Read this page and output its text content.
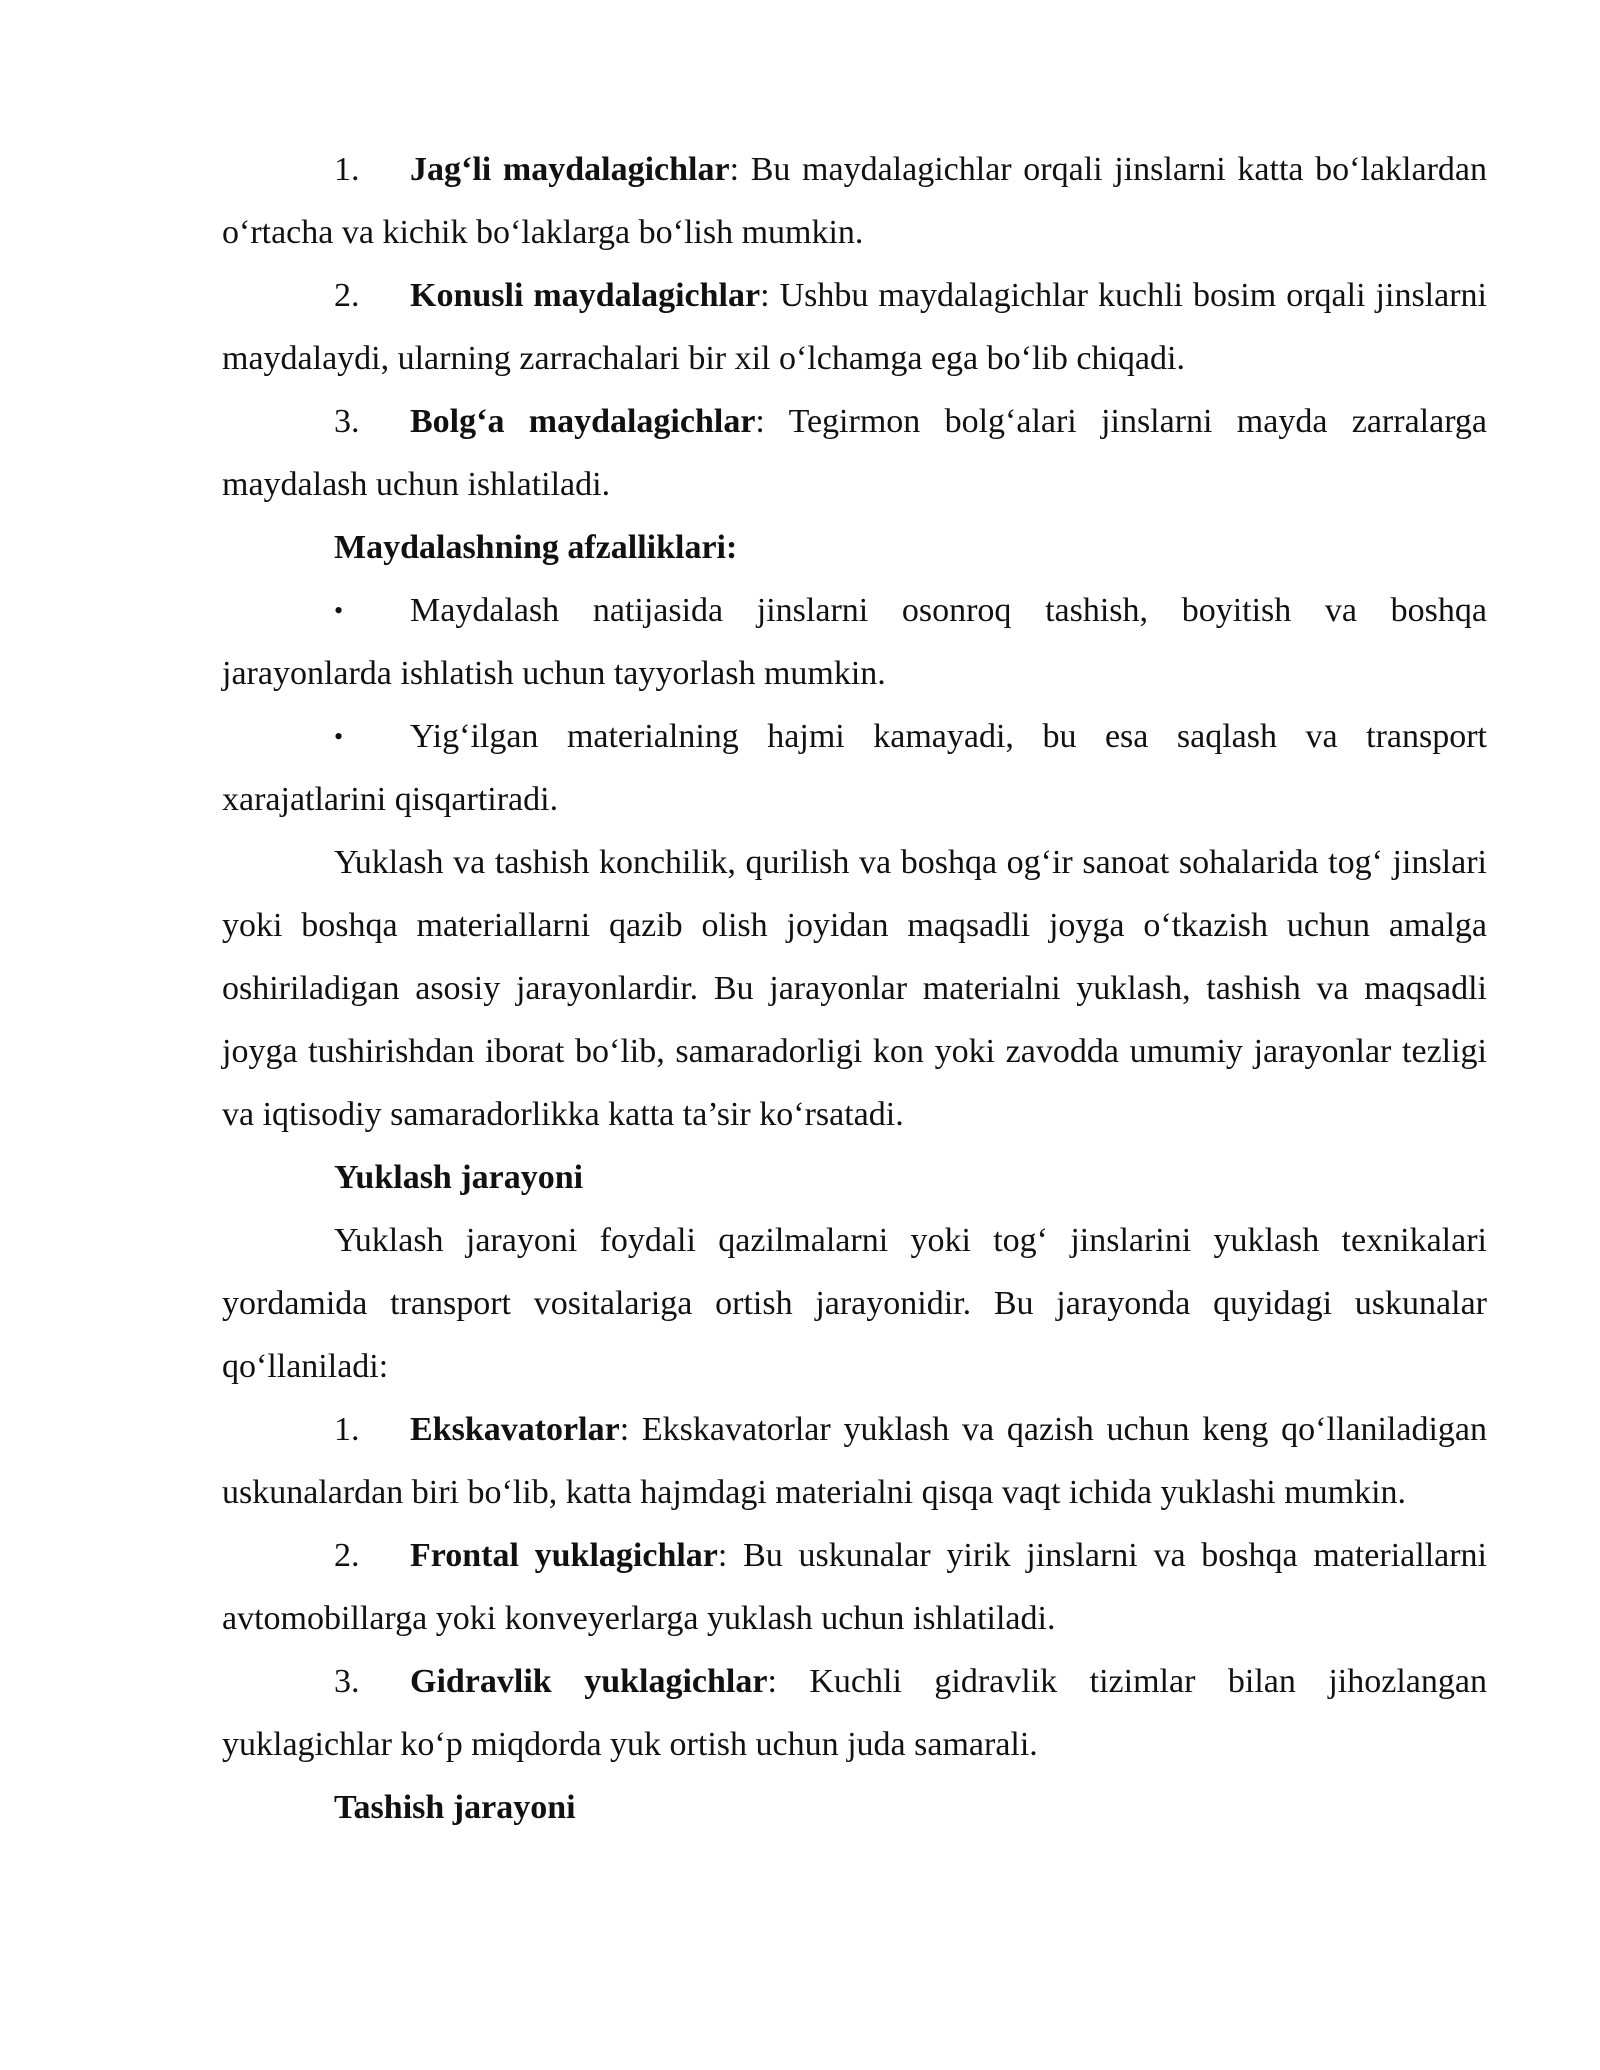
1. Jag‘li maydalagichlar: Bu maydalagichlar orqali jinslarni katta bo‘laklardan o‘rtacha va kichik bo‘laklarga bo‘lish mumkin.

2. Konusli maydalagichlar: Ushbu maydalagichlar kuchli bosim orqali jinslarni maydalaydi, ularning zarrachalari bir xil o‘lchamga ega bo‘lib chiqadi.

3. Bolg‘a maydalagichlar: Tegirmon bolg‘alari jinslarni mayda zarralarga maydalash uchun ishlatiladi.

Maydalashning afzalliklari:

• Maydalash natijasida jinslarni osonroq tashish, boyitish va boshqa jarayonlarda ishlatish uchun tayyorlash mumkin.

• Yig‘ilgan materialning hajmi kamayadi, bu esa saqlash va transport xarajatlarini qisqartiradi.

Yuklash va tashish konchilik, qurilish va boshqa og‘ir sanoat sohalarida tog‘ jinslari yoki boshqa materiallarni qazib olish joyidan maqsadli joyga o‘tkazish uchun amalga oshiriladigan asosiy jarayonlardir. Bu jarayonlar materialni yuklash, tashish va maqsadli joyga tushirishdan iborat bo‘lib, samaradorligi kon yoki zavodda umumiy jarayonlar tezligi va iqtisodiy samaradorlikka katta ta’sir ko‘rsatadi.

Yuklash jarayoni

Yuklash jarayoni foydali qazilmalarni yoki tog‘ jinslarini yuklash texnikalari yordamida transport vositalariga ortish jarayonidir. Bu jarayonda quyidagi uskunalar qo‘llaniladi:

1. Ekskavatorlar: Ekskavatorlar yuklash va qazish uchun keng qo‘llaniladigan uskunalardan biri bo‘lib, katta hajmdagi materialni qisqa vaqt ichida yuklashi mumkin.

2. Frontal yuklagichlar: Bu uskunalar yirik jinslarni va boshqa materiallarni avtomobillarga yoki konveyerlarga yuklash uchun ishlatiladi.

3. Gidravlik yuklagichlar: Kuchli gidravlik tizimlar bilan jihozlangan yuklagichlar ko‘p miqdorda yuk ortish uchun juda samarali.

Tashish jarayoni
